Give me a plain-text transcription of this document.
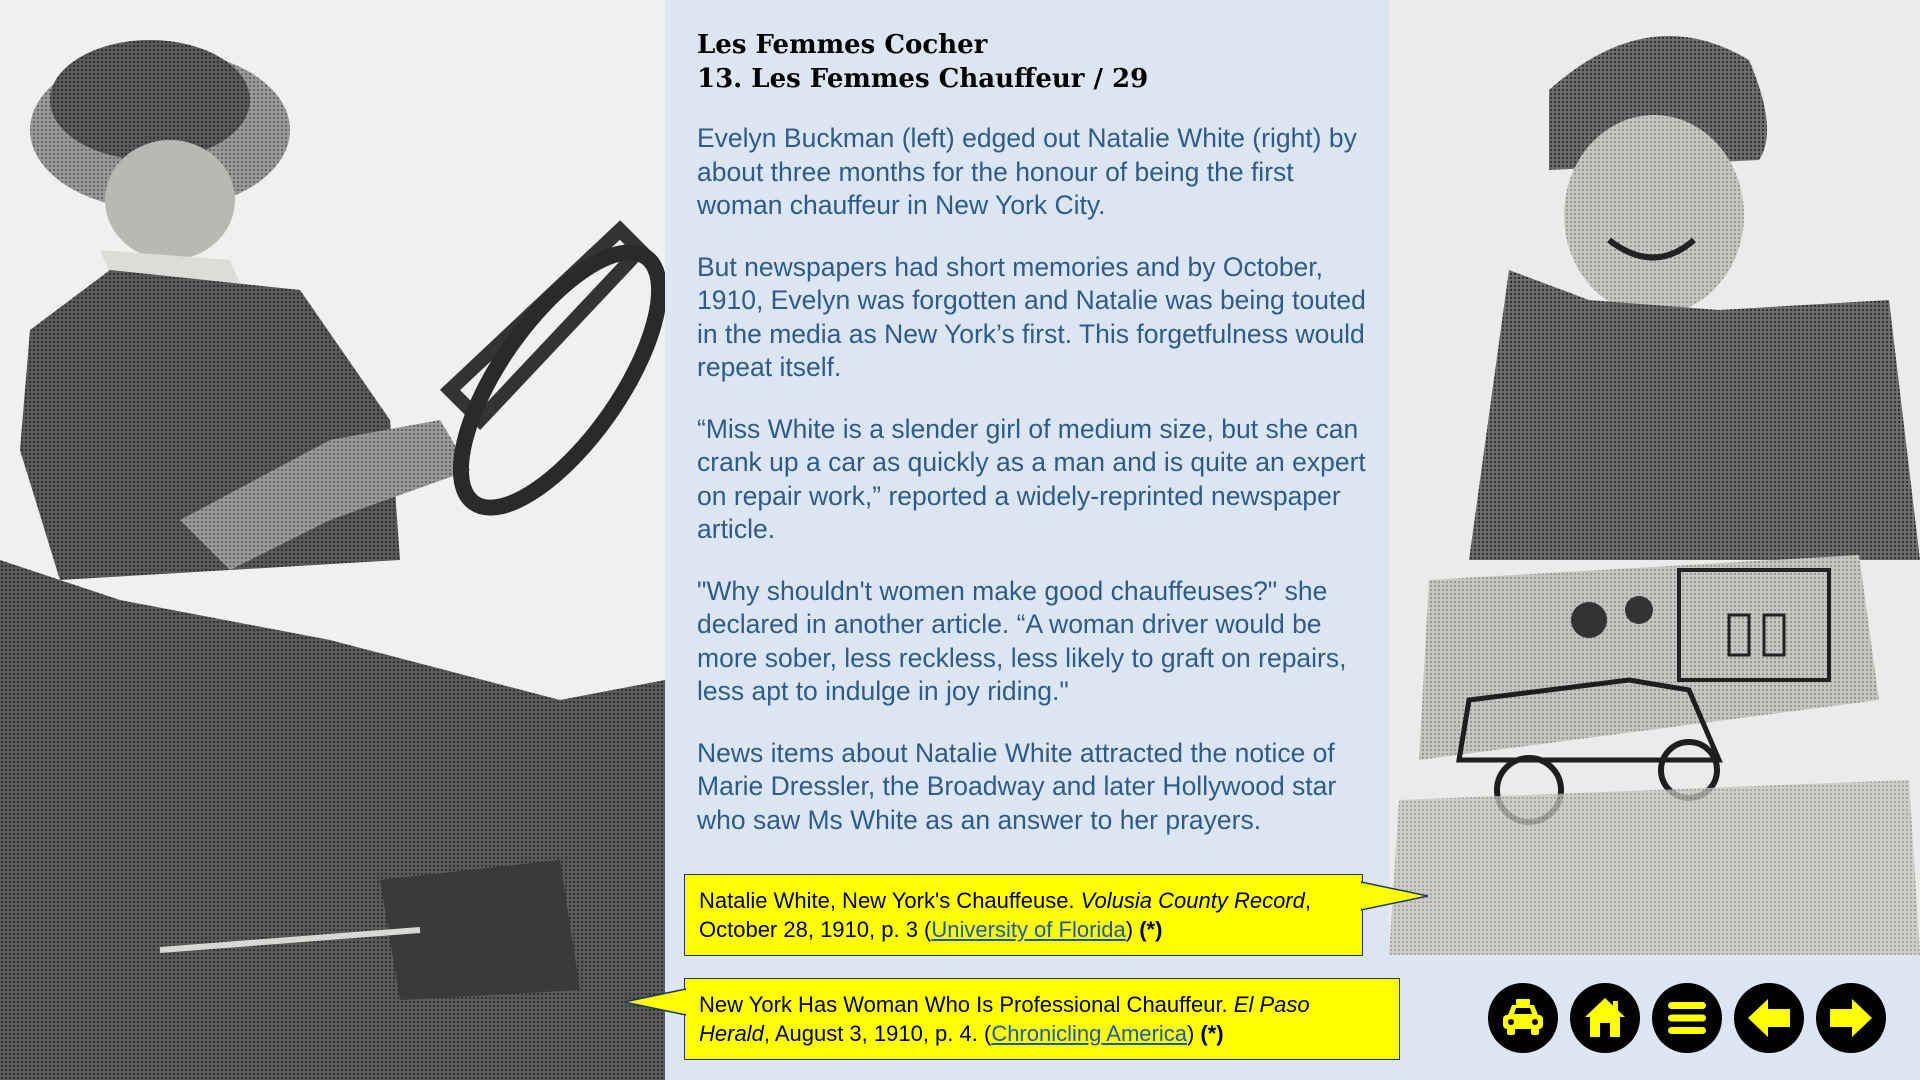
Les Femmes Cocher
13. Les Femmes Chauffeur / 29

Evelyn Buckman (left) edged out Natalie White (right) by about three months for the honour of being the first woman chauffeur in New York City.

But newspapers had short memories and by October, 1910, Evelyn was forgotten and Natalie was being touted in the media as New York’s first. This forgetfulness would repeat itself.

“Miss White is a slender girl of medium size, but she can crank up a car as quickly as a man and is quite an expert on repair work,” reported a widely-reprinted newspaper article.

"Why shouldn't women make good chauffeuses?" she declared in another article. “A woman driver would be more sober, less reckless, less likely to graft on repairs, less apt to indulge in joy riding."

News items about Natalie White attracted the notice of Marie Dressler, the Broadway and later Hollywood star who saw Ms White as an answer to her prayers.

Natalie White, New York's Chauffeuse. Volusia County Record, October 28, 1910, p. 3 (University of Florida) (*)
New York Has Woman Who Is Professional Chauffeur. El Paso Herald, August 3, 1910, p. 4. (Chronicling America) (*)
